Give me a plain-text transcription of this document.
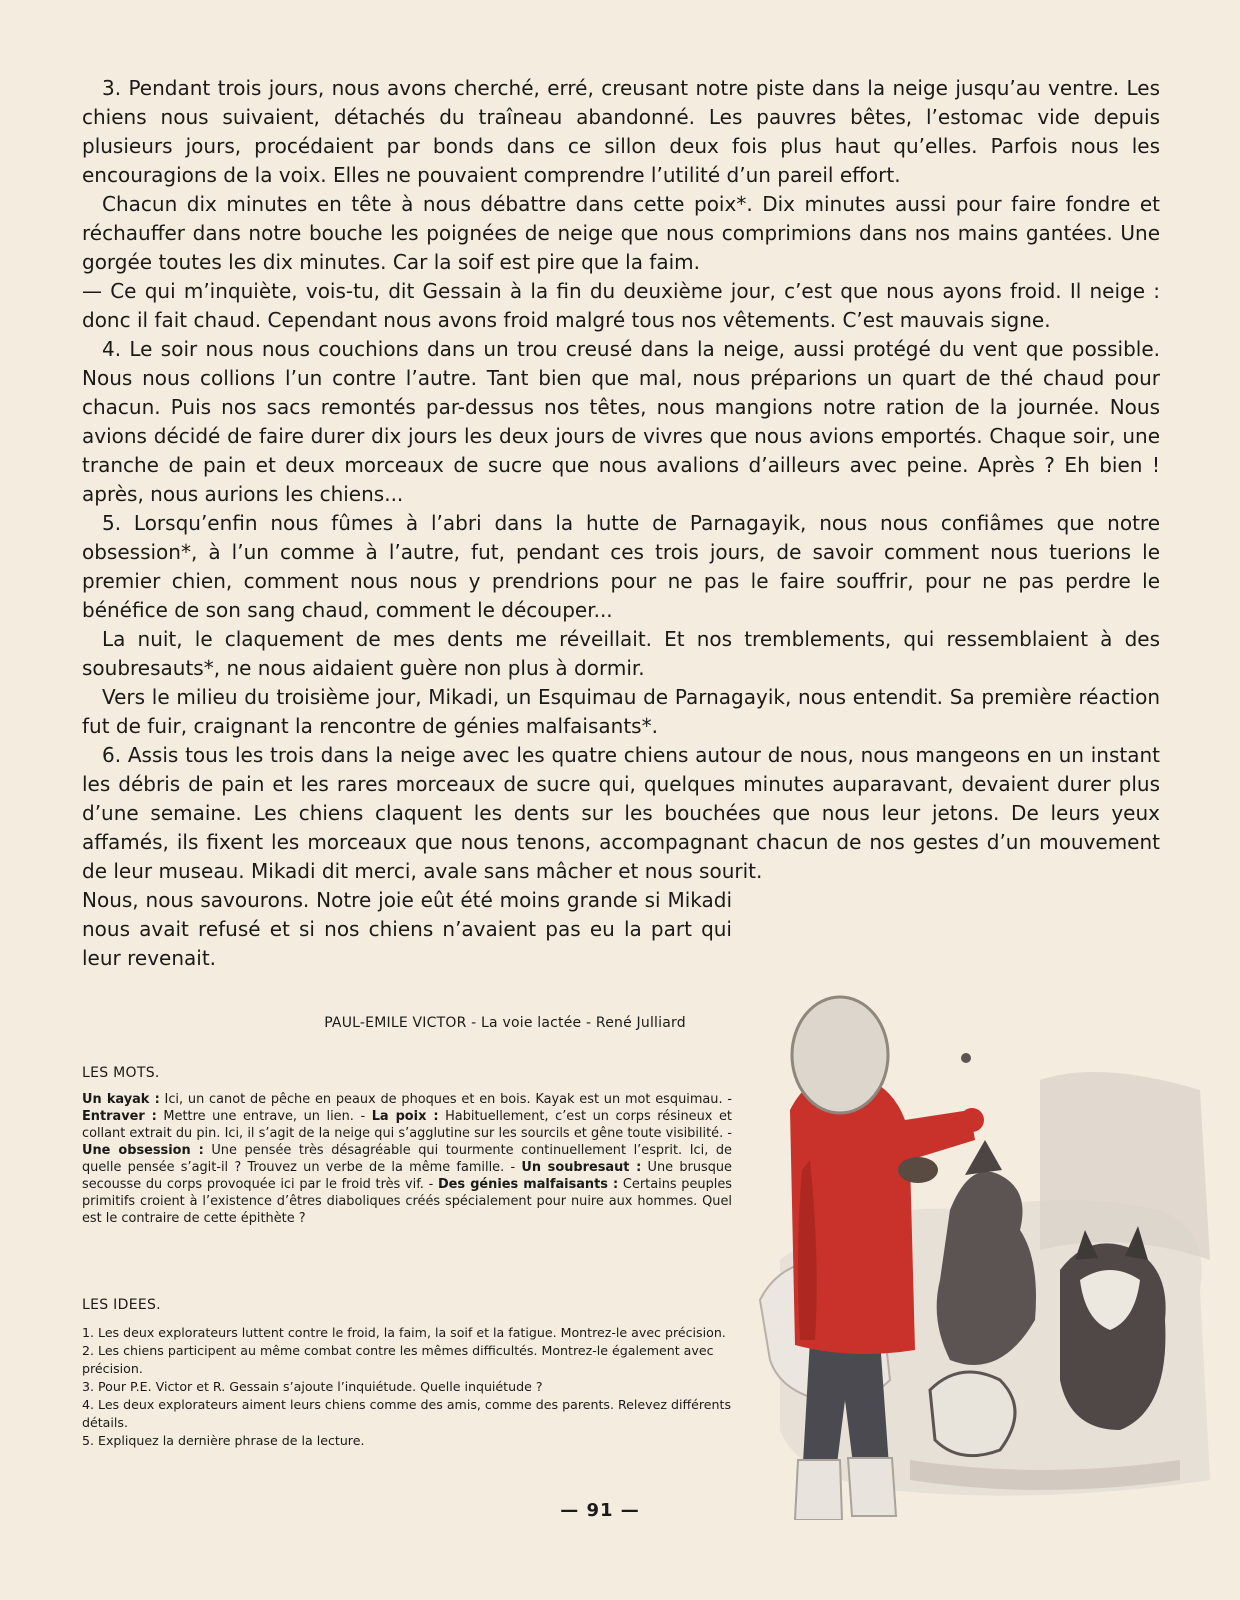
3. Pendant trois jours, nous avons cherché, erré, creusant notre piste dans la neige jusqu’au ventre. Les chiens nous suivaient, détachés du traîneau abandonné. Les pauvres bêtes, l’estomac vide depuis plusieurs jours, procédaient par bonds dans ce sillon deux fois plus haut qu’elles. Parfois nous les encouragions de la voix. Elles ne pouvaient comprendre l’utilité d’un pareil effort.

Chacun dix minutes en tête à nous débattre dans cette poix*. Dix minutes aussi pour faire fondre et réchauffer dans notre bouche les poignées de neige que nous comprimions dans nos mains gantées. Une gorgée toutes les dix minutes. Car la soif est pire que la faim.

— Ce qui m’inquiète, vois-tu, dit Gessain à la fin du deuxième jour, c’est que nous ayons froid. Il neige : donc il fait chaud. Cependant nous avons froid malgré tous nos vêtements. C’est mauvais signe.

4. Le soir nous nous couchions dans un trou creusé dans la neige, aussi protégé du vent que possible. Nous nous collions l’un contre l’autre. Tant bien que mal, nous préparions un quart de thé chaud pour chacun. Puis nos sacs remontés par-dessus nos têtes, nous mangions notre ration de la journée. Nous avions décidé de faire durer dix jours les deux jours de vivres que nous avions emportés. Chaque soir, une tranche de pain et deux morceaux de sucre que nous avalions d’ailleurs avec peine. Après ? Eh bien ! après, nous aurions les chiens...

5. Lorsqu’enfin nous fûmes à l’abri dans la hutte de Parnagayik, nous nous confiâmes que notre obsession*, à l’un comme à l’autre, fut, pendant ces trois jours, de savoir comment nous tuerions le premier chien, comment nous nous y prendrions pour ne pas le faire souffrir, pour ne pas perdre le bénéfice de son sang chaud, comment le découper...

La nuit, le claquement de mes dents me réveillait. Et nos tremblements, qui ressemblaient à des soubresauts*, ne nous aidaient guère non plus à dormir.

Vers le milieu du troisième jour, Mikadi, un Esquimau de Parnagayik, nous entendit. Sa première réaction fut de fuir, craignant la rencontre de génies malfaisants*.

6. Assis tous les trois dans la neige avec les quatre chiens autour de nous, nous mangeons en un instant les débris de pain et les rares morceaux de sucre qui, quelques minutes auparavant, devaient durer plus d’une semaine. Les chiens claquent les dents sur les bouchées que nous leur jetons. De leurs yeux affamés, ils fixent les morceaux que nous tenons, accompagnant chacun de nos gestes d’un mouvement de leur museau. Mikadi dit merci, avale sans mâcher et nous sourit.

Nous, nous savourons. Notre joie eût été moins grande si Mikadi nous avait refusé et si nos chiens n’avaient pas eu la part qui leur revenait.
PAUL-EMILE VICTOR - La voie lactée - René Julliard
LES MOTS.
Un kayak : Ici, un canot de pêche en peaux de phoques et en bois. Kayak est un mot esquimau. - Entraver : Mettre une entrave, un lien. - La poix : Habituellement, c’est un corps résineux et collant extrait du pin. Ici, il s’agit de la neige qui s’agglutine sur les sourcils et gêne toute visibilité. - Une obsession : Une pensée très désagréable qui tourmente continuellement l’esprit. Ici, de quelle pensée s’agit-il ? Trouvez un verbe de la même famille. - Un soubresaut : Une brusque secousse du corps provoquée ici par le froid très vif. - Des génies malfaisants : Certains peuples primitifs croient à l’existence d’êtres diaboliques créés spécialement pour nuire aux hommes. Quel est le contraire de cette épithète ?
LES IDEES.
1. Les deux explorateurs luttent contre le froid, la faim, la soif et la fatigue. Montrez-le avec précision.
2. Les chiens participent au même combat contre les mêmes difficultés. Montrez-le également avec précision.
3. Pour P.E. Victor et R. Gessain s’ajoute l’inquiétude. Quelle inquiétude ?
4. Les deux explorateurs aiment leurs chiens comme des amis, comme des parents. Relevez différents détails.
5. Expliquez la dernière phrase de la lecture.
— 91 —
